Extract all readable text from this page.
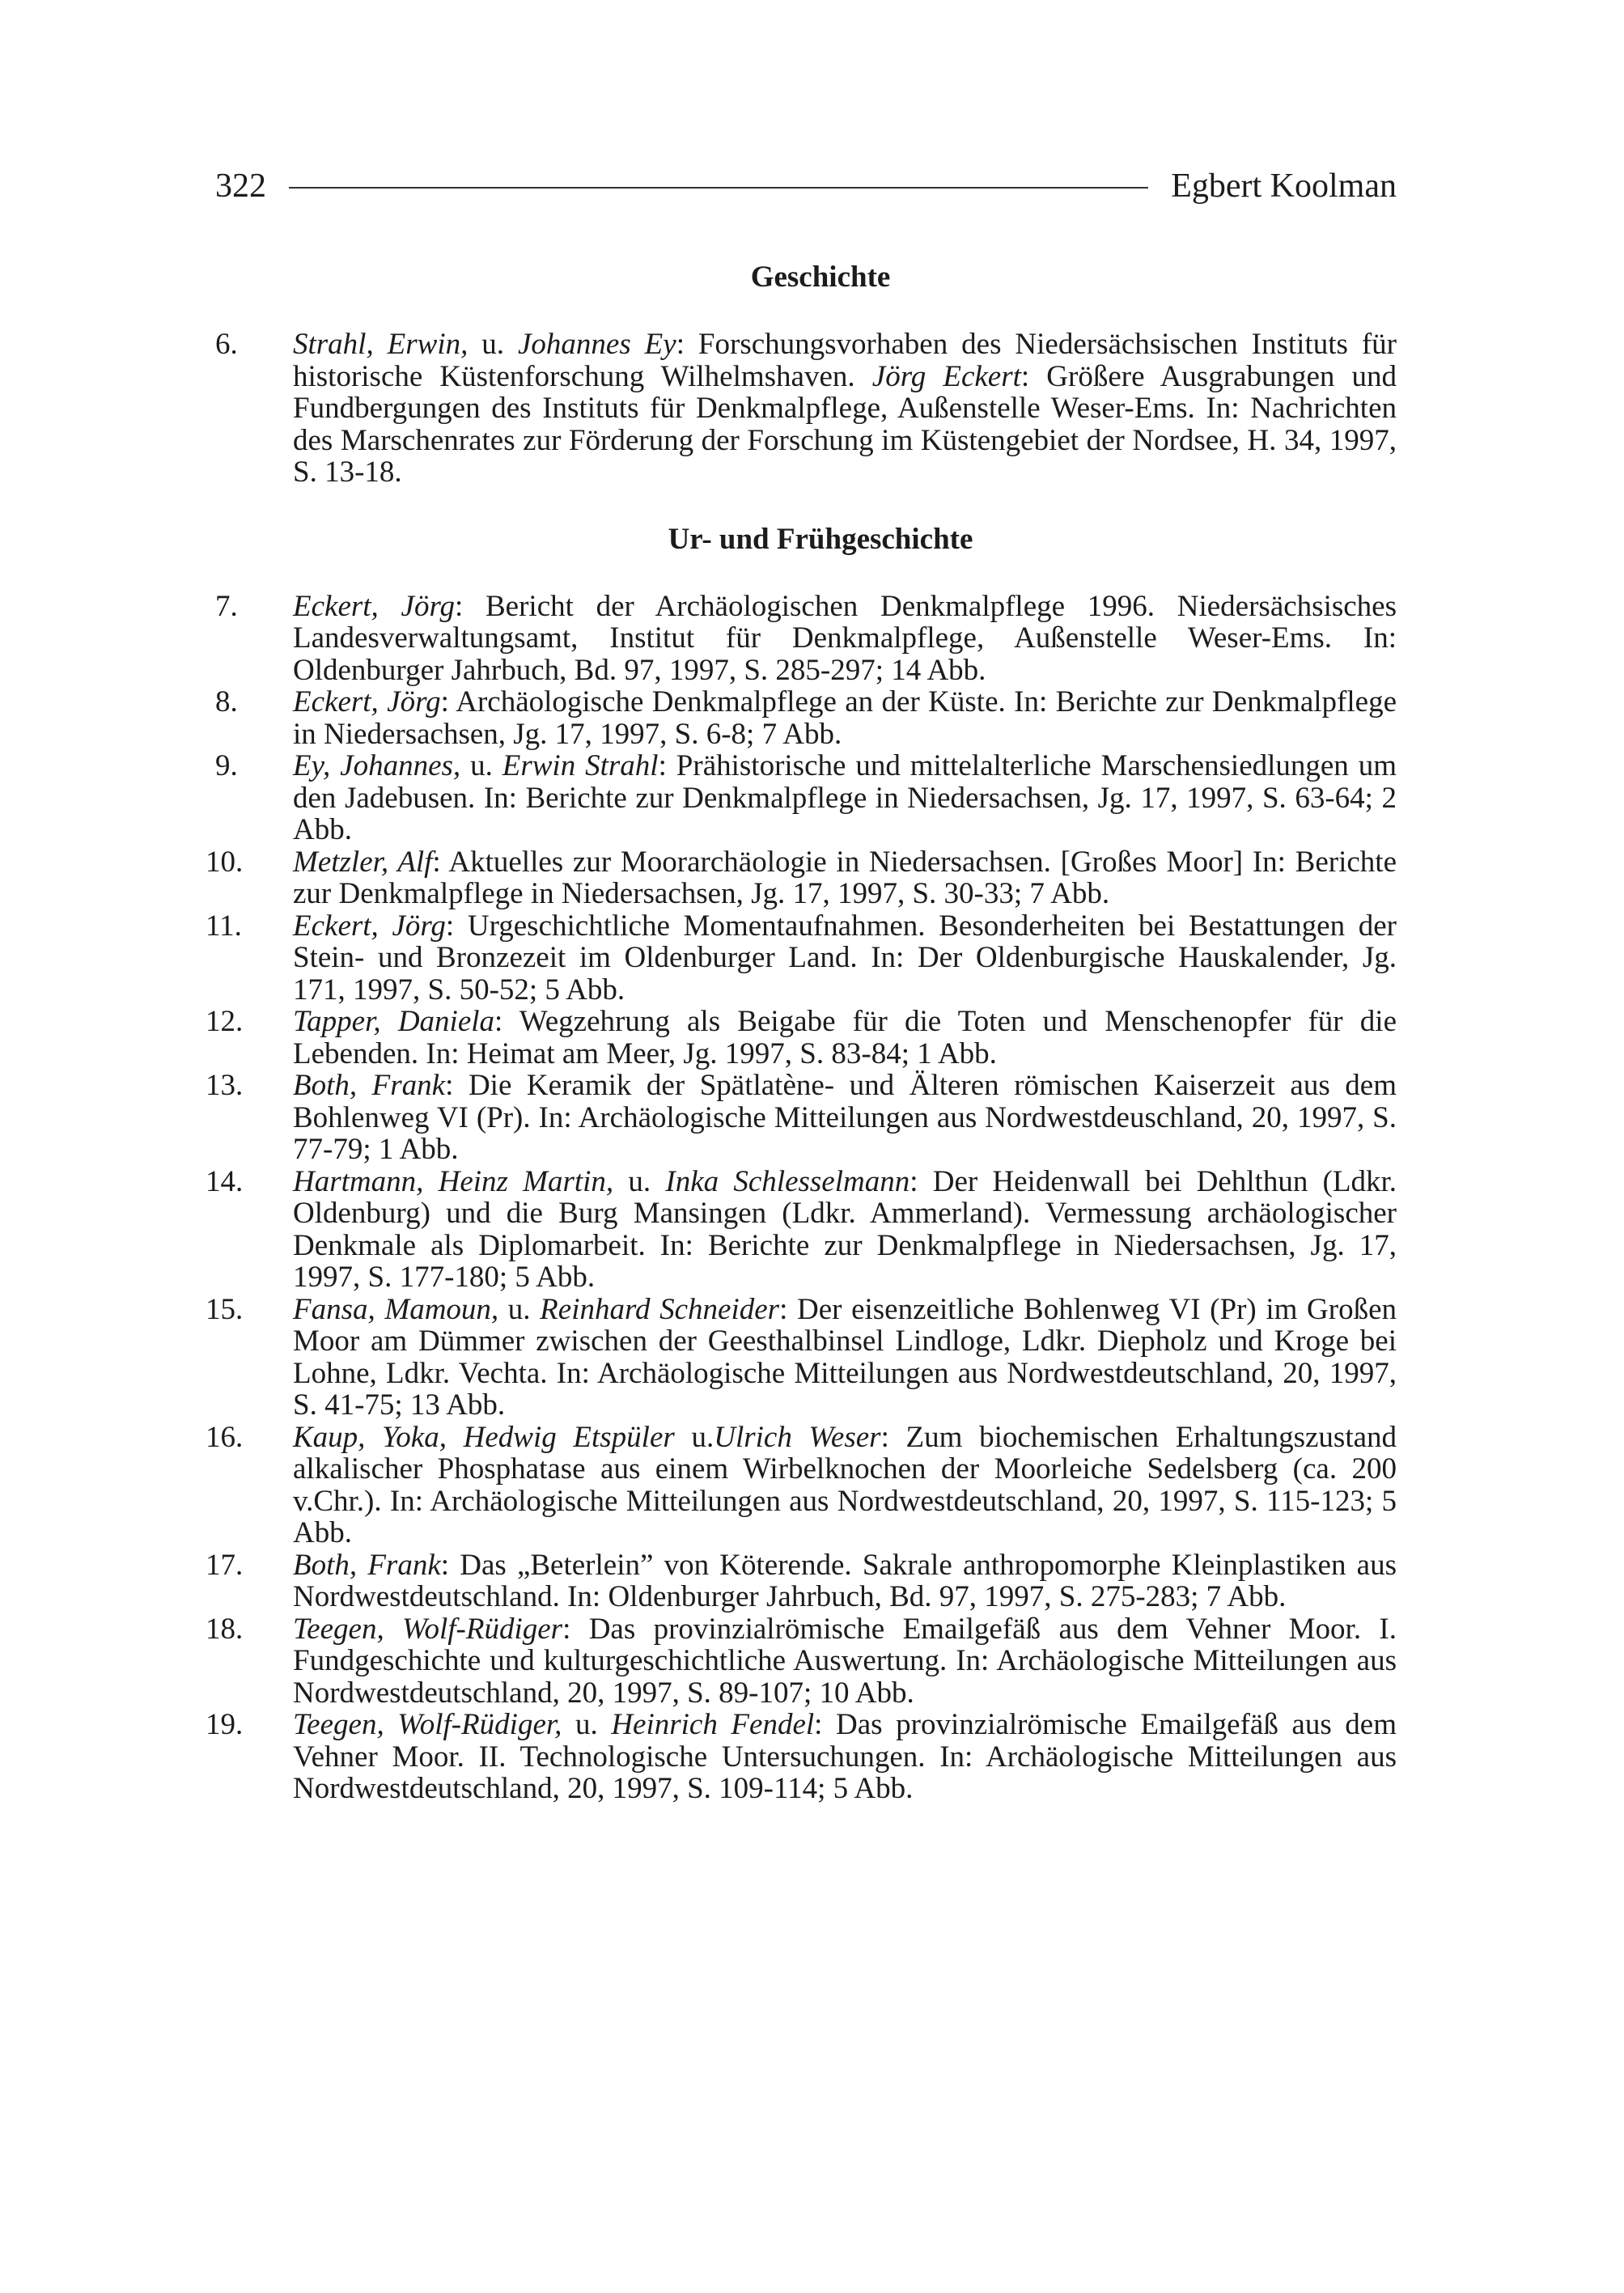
322	Egbert Koolman
Geschichte
6.	Strahl, Erwin, u. Johannes Ey: Forschungsvorhaben des Niedersächsischen Instituts für historische Küstenforschung Wilhelmshaven. Jörg Eckert: Größere Ausgrabungen und Fundbergungen des Instituts für Denkmalpflege, Außenstelle Weser-Ems. In: Nachrichten des Marschenrates zur Förderung der Forschung im Küstengebiet der Nordsee, H. 34, 1997, S. 13-18.
Ur- und Frühgeschichte
7.	Eckert, Jörg: Bericht der Archäologischen Denkmalpflege 1996. Niedersächsisches Landesverwaltungsamt, Institut für Denkmalpflege, Außenstelle Weser-Ems. In: Oldenburger Jahrbuch, Bd. 97, 1997, S. 285-297; 14 Abb.
8.	Eckert, Jörg: Archäologische Denkmalpflege an der Küste. In: Berichte zur Denkmalpflege in Niedersachsen, Jg. 17, 1997, S. 6-8; 7 Abb.
9.	Ey, Johannes, u. Erwin Strahl: Prähistorische und mittelalterliche Marschensiedlungen um den Jadebusen. In: Berichte zur Denkmalpflege in Niedersachsen, Jg. 17, 1997, S. 63-64; 2 Abb.
10.	Metzler, Alf: Aktuelles zur Moorarchäologie in Niedersachsen. [Großes Moor] In: Berichte zur Denkmalpflege in Niedersachsen, Jg. 17, 1997, S. 30-33; 7 Abb.
11.	Eckert, Jörg: Urgeschichtliche Momentaufnahmen. Besonderheiten bei Bestattungen der Stein- und Bronzezeit im Oldenburger Land. In: Der Oldenburgische Hauskalender, Jg. 171, 1997, S. 50-52; 5 Abb.
12.	Tapper, Daniela: Wegzehrung als Beigabe für die Toten und Menschenopfer für die Lebenden. In: Heimat am Meer, Jg. 1997, S. 83-84; 1 Abb.
13.	Both, Frank: Die Keramik der Spätlatène- und Älteren römischen Kaiserzeit aus dem Bohlenweg VI (Pr). In: Archäologische Mitteilungen aus Nordwestdeuschland, 20, 1997, S. 77-79; 1 Abb.
14.	Hartmann, Heinz Martin, u. Inka Schlesselmann: Der Heidenwall bei Dehlthun (Ldkr. Oldenburg) und die Burg Mansingen (Ldkr. Ammerland). Vermessung archäologischer Denkmale als Diplomarbeit. In: Berichte zur Denkmalpflege in Niedersachsen, Jg. 17, 1997, S. 177-180; 5 Abb.
15.	Fansa, Mamoun, u. Reinhard Schneider: Der eisenzeitliche Bohlenweg VI (Pr) im Großen Moor am Dümmer zwischen der Geesthalbinsel Lindloge, Ldkr. Diepholz und Kroge bei Lohne, Ldkr. Vechta. In: Archäologische Mitteilungen aus Nordwestdeutschland, 20, 1997, S. 41-75; 13 Abb.
16.	Kaup, Yoka, Hedwig Etspüler u.Ulrich Weser: Zum biochemischen Erhaltungszustand alkalischer Phosphatase aus einem Wirbelknochen der Moorleiche Sedelsberg (ca. 200 v.Chr.). In: Archäologische Mitteilungen aus Nordwestdeutschland, 20, 1997, S. 115-123; 5 Abb.
17.	Both, Frank: Das „Beterlein” von Köterende. Sakrale anthropomorphe Kleinplastiken aus Nordwestdeutschland. In: Oldenburger Jahrbuch, Bd. 97, 1997, S. 275-283; 7 Abb.
18.	Teegen, Wolf-Rüdiger: Das provinzialrömische Emailgefäß aus dem Vehner Moor. I. Fundgeschichte und kulturgeschichtliche Auswertung. In: Archäologische Mitteilungen aus Nordwestdeutschland, 20, 1997, S. 89-107; 10 Abb.
19.	Teegen, Wolf-Rüdiger, u. Heinrich Fendel: Das provinzialrömische Emailgefäß aus dem Vehner Moor. II. Technologische Untersuchungen. In: Archäologische Mitteilungen aus Nordwestdeutschland, 20, 1997, S. 109-114; 5 Abb.
